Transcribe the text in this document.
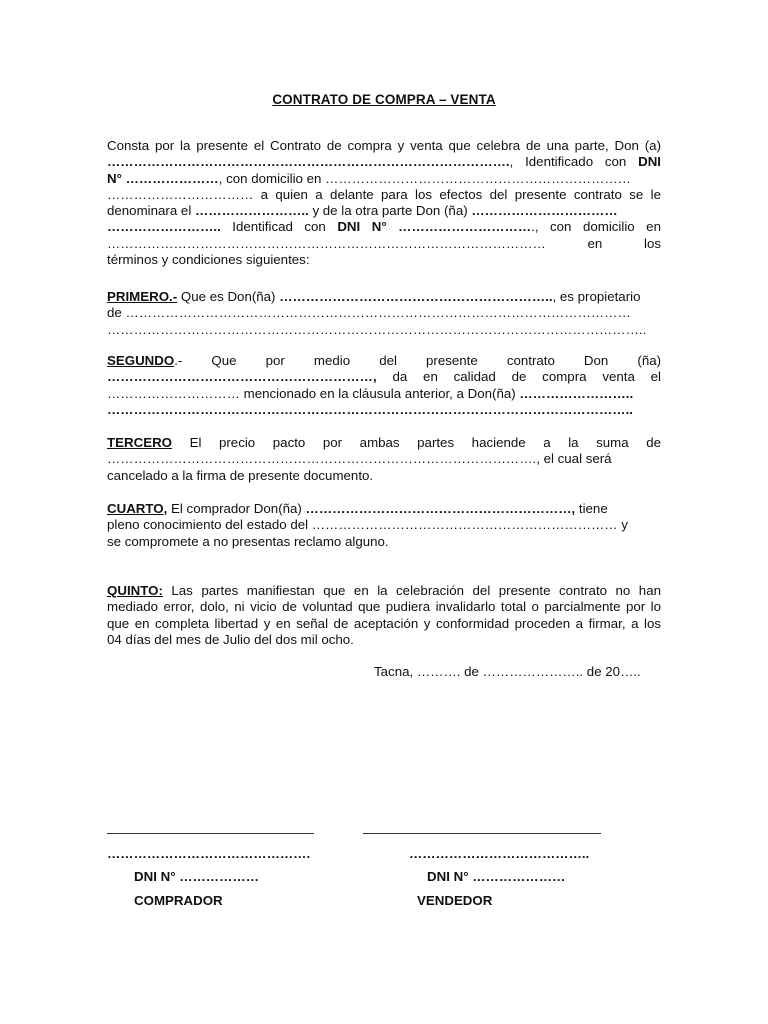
CONTRATO DE COMPRA – VENTA
Consta por la presente el Contrato de compra y venta que celebra de una parte, Don (a)
………………………………………………………………………………., Identificado con DNI
N° …………………, con domicilio en ……………………………………………………………
…………………………… a quien a delante para los efectos del presente contrato se le
denominara el …………………….. y de la otra parte Don (ña) ……………………………
…………………….. Identificad con DNI N° …………………………., con domicilio en
………………………………………………………………………………………	en	los
términos y condiciones siguientes:
PRIMERO.- Que es Don(ña) …………………………………………………….., es propietario
de ……………………………………………………………………………………………………
…………………………………………………………………………………………………………..
SEGUNDO.- Que por medio del presente contrato Don (ña)
……………………………………………………, da en calidad de compra venta el
………………………… mencionado en la cláusula anterior, a Don(ña) ……………………..
………………………………………………………………………………………………………..
TERCERO El precio pacto por ambas partes haciende a la suma de
……………………………………………………………………………………., el cual será
cancelado a la firma de presente documento.
CUARTO, El comprador Don(ña) ……………………………………………………, tiene
pleno conocimiento del estado del …………………………………………………………… y
se compromete a no presentas reclamo alguno.
QUINTO: Las partes manifiestan que en la celebración del presente contrato no han
mediado error, dolo, ni vicio de voluntad que pudiera invalidarlo total o parcialmente por lo
que en completa libertad y en señal de aceptación y conformidad proceden a firmar, a los
04 días del mes de Julio del dos mil ocho.
Tacna, ………. de ………………….. de 20…..
……………………………………….	…………………………………..
DNI N° ………………	DNI N° …………………
COMPRADOR	VENDEDOR
